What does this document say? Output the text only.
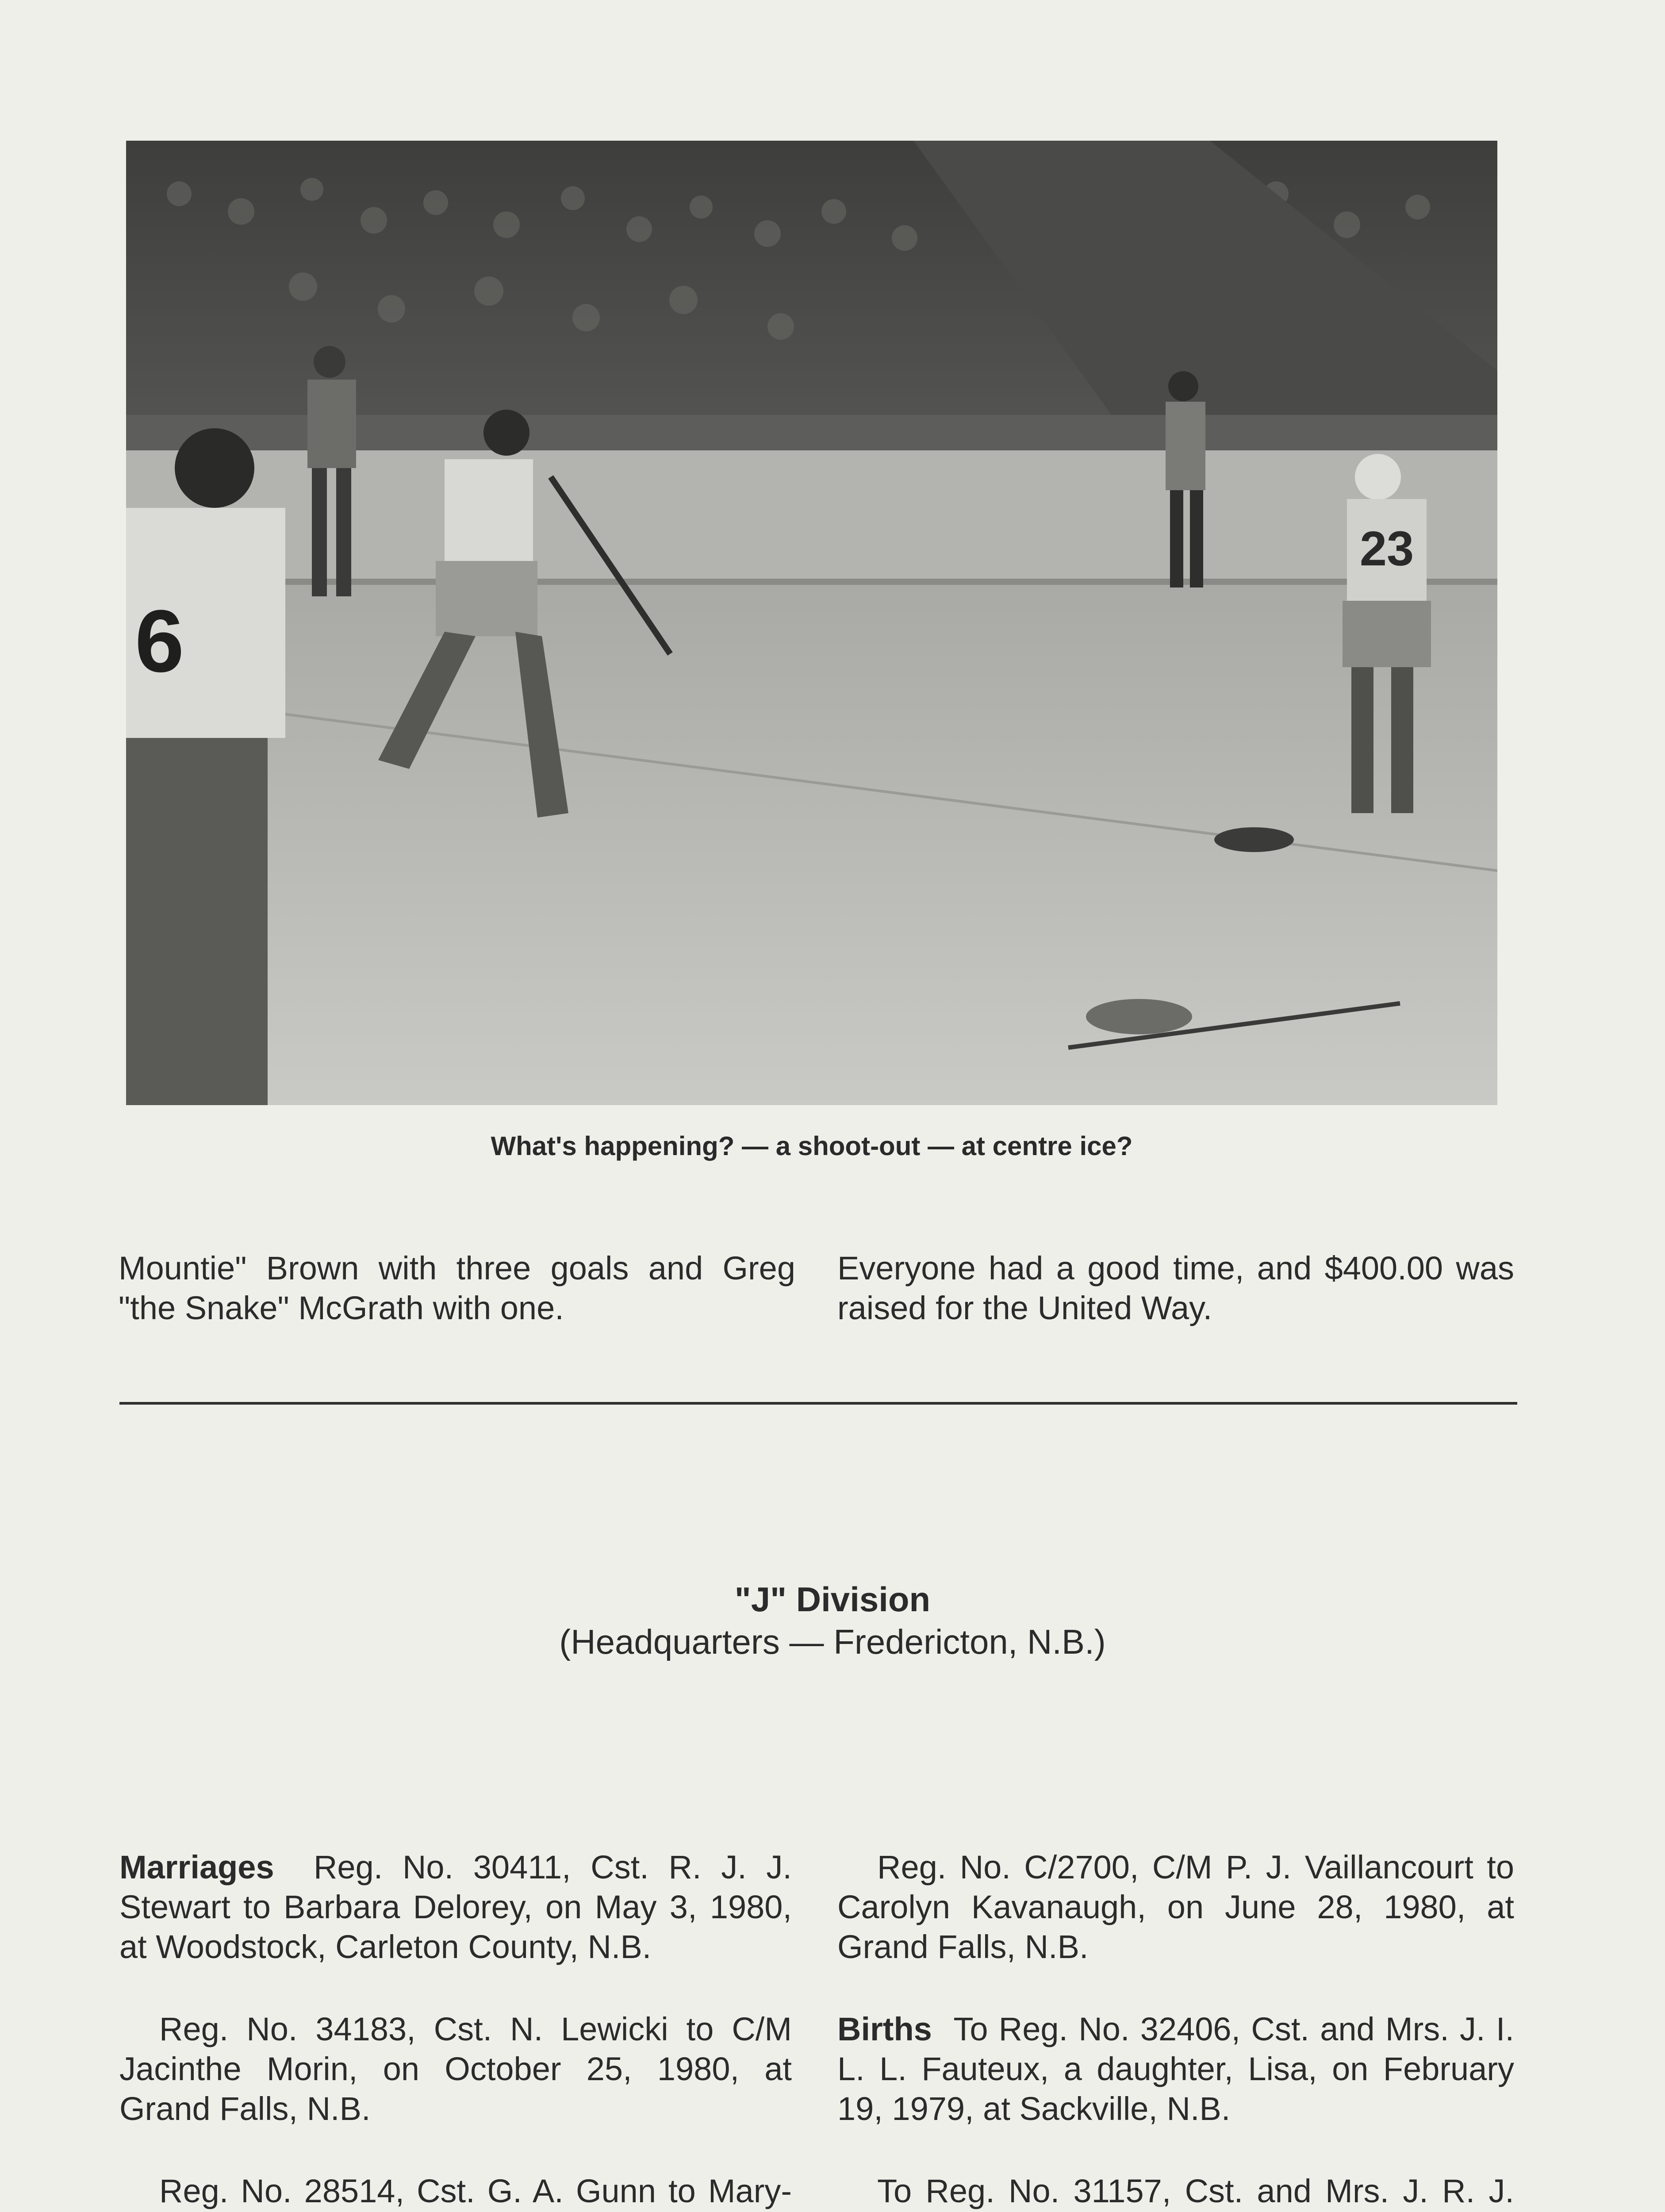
23
6
What's happening? — a shoot-out — at centre ice?

Mountie" Brown with three goals and Greg "the Snake" McGrath with one.

Everyone had a good time, and $400.00 was raised for the United Way.

"J" Division
(Headquarters — Fredericton, N.B.)

Marriages Reg. No. 30411, Cst. R. J. J. Stewart to Barbara Delorey, on May 3, 1980, at Woodstock, Carleton County, N.B.

Reg. No. 34183, Cst. N. Lewicki to C/M Jacinthe Morin, on October 25, 1980, at Grand Falls, N.B.

Reg. No. 28514, Cst. G. A. Gunn to Mary-

Reg. No. C/2700, C/M P. J. Vaillancourt to Carolyn Kavanaugh, on June 28, 1980, at Grand Falls, N.B.

Births To Reg. No. 32406, Cst. and Mrs. J. I. L. L. Fauteux, a daughter, Lisa, on February 19, 1979, at Sackville, N.B.

To Reg. No. 31157, Cst. and Mrs. J. R. J.
